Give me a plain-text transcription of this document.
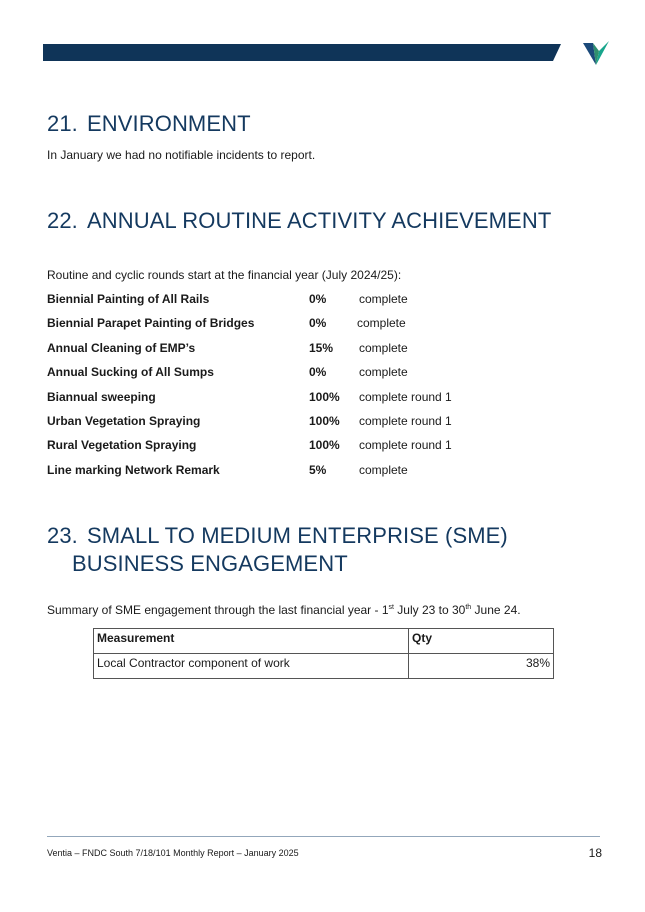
21. ENVIRONMENT

In January we had no notifiable incidents to report.

22. ANNUAL ROUTINE ACTIVITY ACHIEVEMENT

Routine and cyclic rounds start at the financial year (July 2024/25):

Biennial Painting of All Rails	0%	complete
Biennial Parapet Painting of Bridges	0%	complete
Annual Cleaning of EMP’s	15% complete
Annual Sucking of All Sumps	0%	complete
Biannual sweeping	100% complete round 1
Urban Vegetation Spraying	100% complete round 1
Rural Vegetation Spraying	100% complete round 1
Line marking Network Remark	5%	complete
23. SMALL TO MEDIUM ENTERPRISE (SME)
BUSINESS ENGAGEMENT

Summary of SME engagement through the last financial year - 1st July 23 to 30th June 24.

Measurement	Qty
Local Contractor component of work	38%
Ventia – FNDC South 7/18/101 Monthly Report – January 2025	18
